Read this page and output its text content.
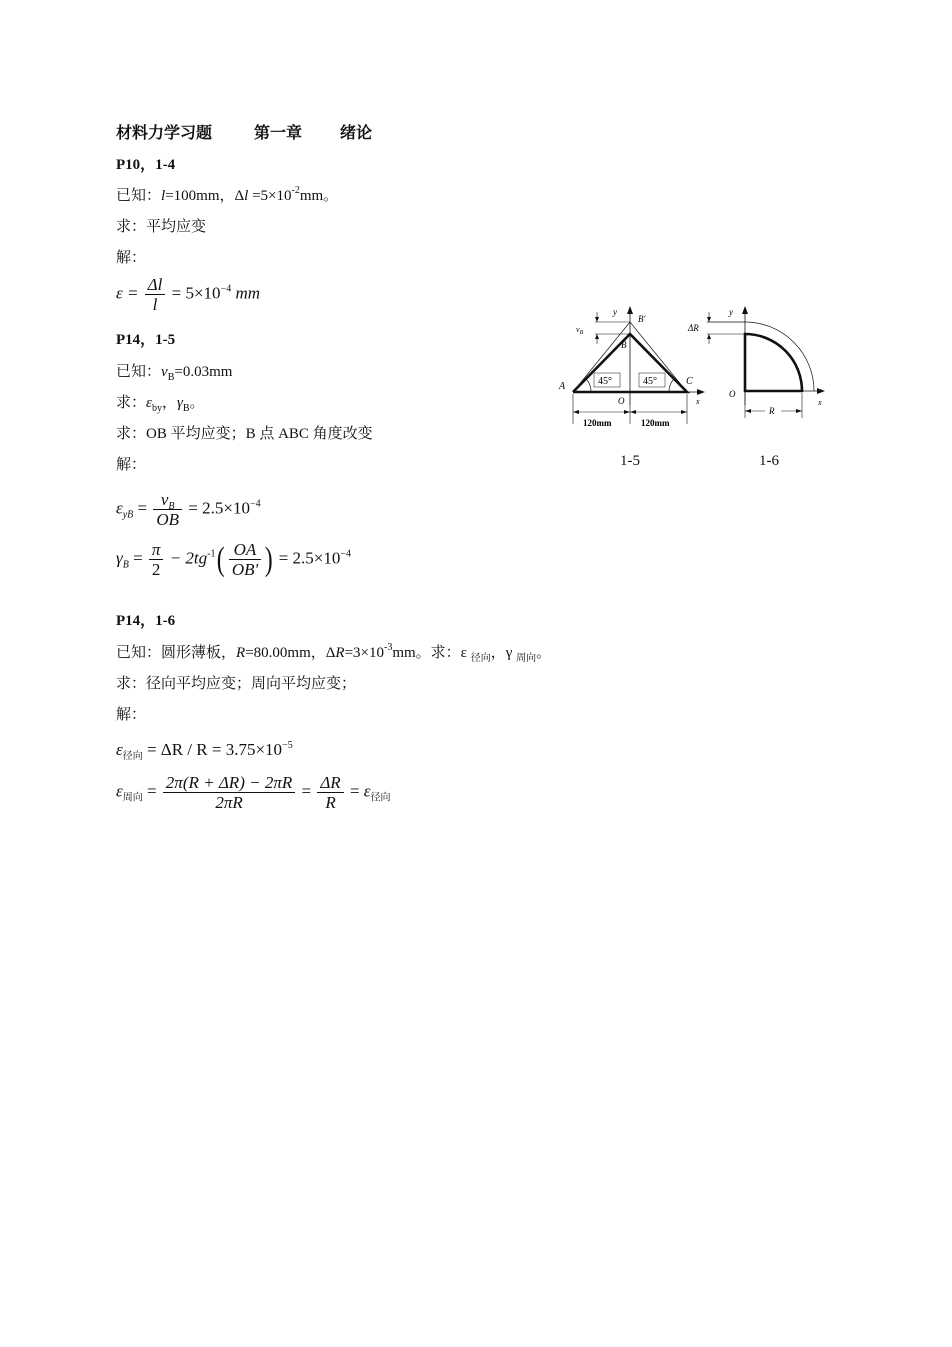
材料力学习题	第一章 绪论
P10，1-4
已知：l=100mm，$\Delta l =5\times 10^{-2}mm$。
求：平均应变
解：
$\varepsilon = \frac{\Delta l}{l} = 5\times 10^{-4}$ mm
P14，1-5
已知：$v_B=0.03mm$
求：$\varepsilon_{by}$，$\gamma_B$。
求：OB 平均应变；B 点 ABC 角度改变
解：
$\varepsilon_{yB} = \frac{v_B}{OB} = 2.5\times 10^{-4}$
$\gamma_B = \frac{\pi}{2} - 2tg^{-1}( \frac{OA}{OB'}$ ) = $2.5\times 10^{-4}$
P14，1-6
已知：圆形薄板，R=80.00mm，$\Delta R=3\times 10^{-3}mm$。求：ε $_{径向}$，γ $_{周向}$。
求：径向平均应变；周向平均应变；
解：
$\varepsilon_{径向} = \Delta R / R = 3.75\times 10^{-5}$
$\varepsilon_{周向} = \frac{2\pi(R + \Delta R) - 2\pi R}{2\pi R} = \frac{\Delta R}{R} = \varepsilon_{径向}$
y
B′
B
$v_B$
A	C
O	x
45°	45°
120mm	120mm
y
ΔR
O
R
x
1-5	1-6
